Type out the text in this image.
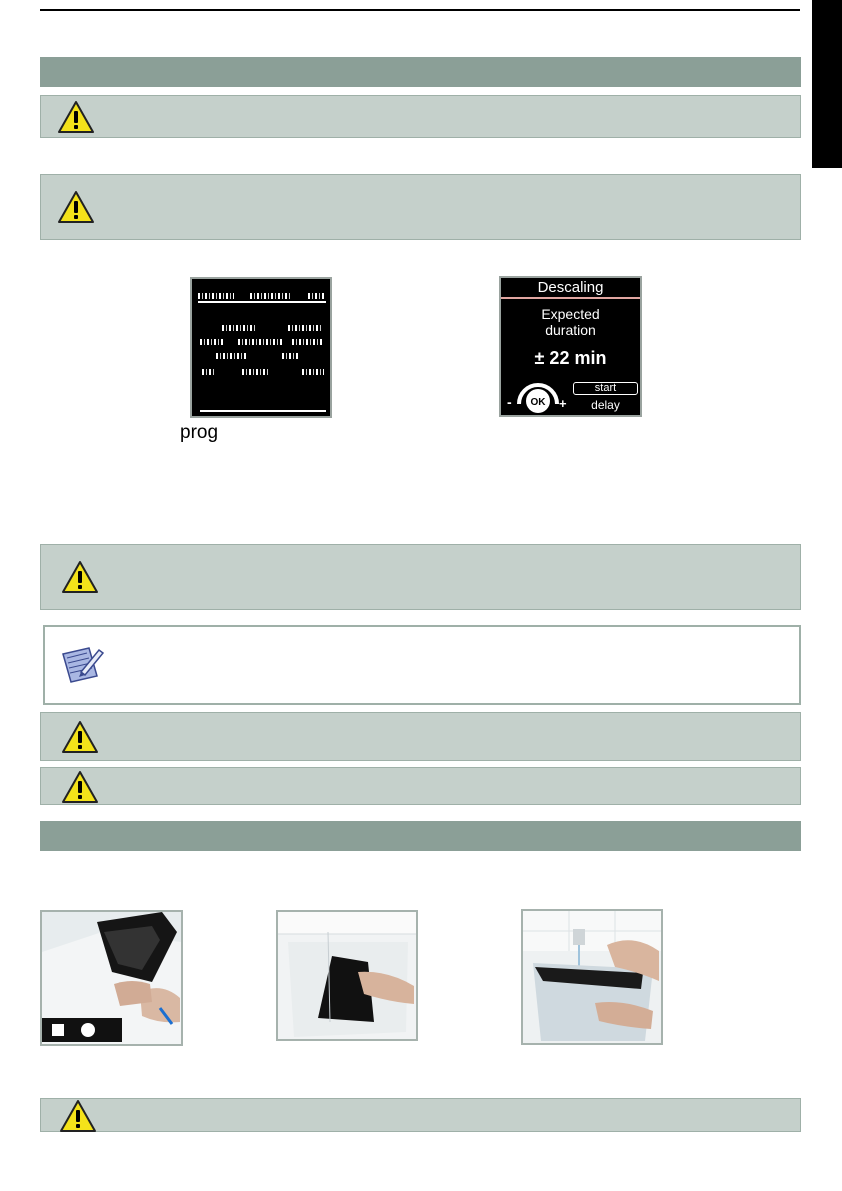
Descaling
Expected
duration
± 22 min
OK
-	+
start
delay
prog
